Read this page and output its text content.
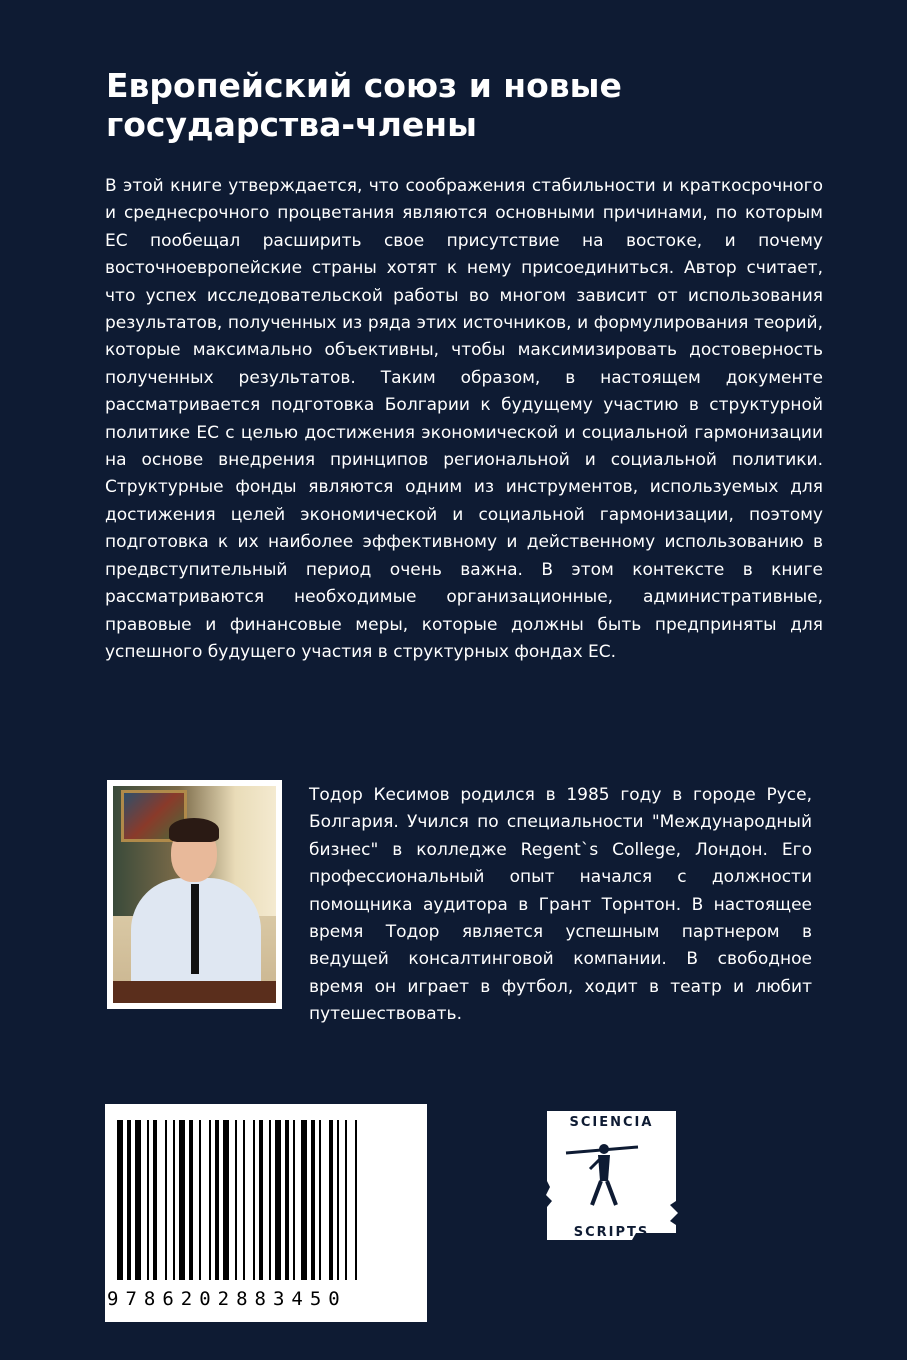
Европейский союз и новые государства-члены

В этой книге утверждается, что соображения стабильности и краткосрочного и среднесрочного процветания являются основными причинами, по которым ЕС пообещал расширить свое присутствие на востоке, и почему восточноевропейские страны хотят к нему присоединиться. Автор считает, что успех исследовательской работы во многом зависит от использования результатов, полученных из ряда этих источников, и формулирования теорий, которые максимально объективны, чтобы максимизировать достоверность полученных результатов. Таким образом, в настоящем документе рассматривается подготовка Болгарии к будущему участию в структурной политике ЕС с целью достижения экономической и социальной гармонизации на основе внедрения принципов региональной и социальной политики. Структурные фонды являются одним из инструментов, используемых для достижения целей экономической и социальной гармонизации, поэтому подготовка к их наиболее эффективному и действенному использованию в предвступительный период очень важна. В этом контексте в книге рассматриваются необходимые организационные, административные, правовые и финансовые меры, которые должны быть предприняты для успешного будущего участия в структурных фондах ЕС.

Тодор Кесимов родился в 1985 году в городе Русе, Болгария. Учился по специальности "Международный бизнес" в колледже Regent`s College, Лондон. Его профессиональный опыт начался с должности помощника аудитора в Грант Торнтон. В настоящее время Тодор является успешным партнером в ведущей консалтинговой компании. В свободное время он играет в футбол, ходит в театр и любит путешествовать.

9786202883450
SCIENCIA
SCRIPTS
